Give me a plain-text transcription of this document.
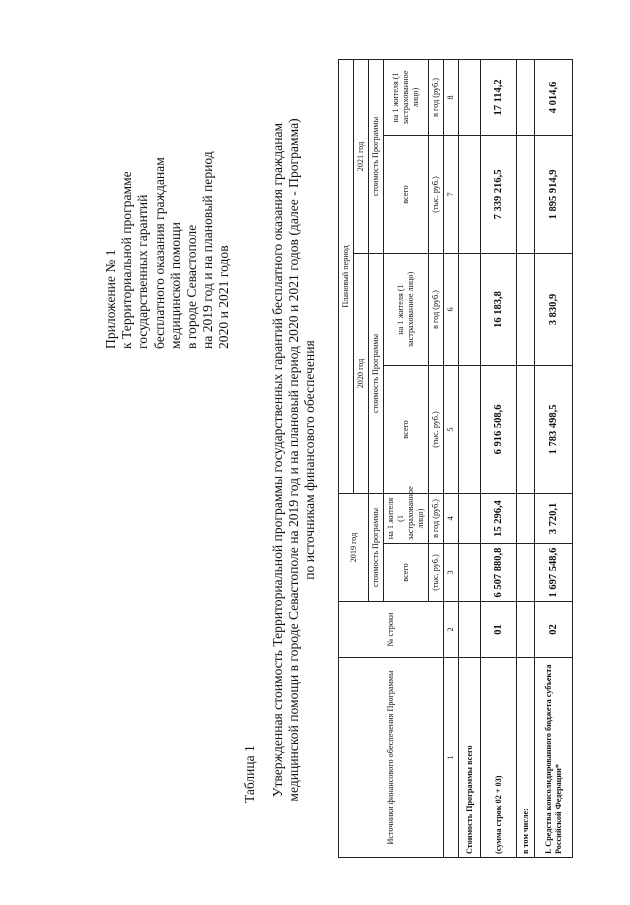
Приложение № 1 к Территориальной программе государственных гарантий бесплатного оказания гражданам медицинской помощи в городе Севастополе на 2019 год и на плановый период 2020 и 2021 годов
Таблица 1 Утвержденная стоимость Территориальной программы государственных гарантий бесплатного оказания гражданам медицинской помощи в городе Севастополе на 2019 год и на плановый период 2020 и 2021 годов (далее - Программа) по источникам финансового обеспечения
Источники финансового обеспечения Программы	№ строки	2019 год		Плановый период			
				2020 год		2021 год	
		стоимость Программы		стоимость Программы		стоимость Программы	
		всего	на 1 жителя (1 застрахованное лицо)	всего	на 1 жителя (1 застрахованное лицо)	всего	на 1 жителя (1 застрахованное лицо)
		(тыс. руб.)	в год (руб.)	(тыс. руб.)	в год (руб.)	(тыс. руб.)	в год (руб.)
1	2	3	4	5	6	7	8
Стоимость Программы всего							
(сумма строк 02 + 03)	01	6 507 880,8	15 296,4	6 916 508,6	16 183,8	7 339 216,5	17 114,2
в том числе:							
I. Средства консолидированного бюджета субъекта Российской Федерации*	02	1 697 548,6	3 720,1	1 783 498,5	3 830,9	1 895 914,9	4 014,6
